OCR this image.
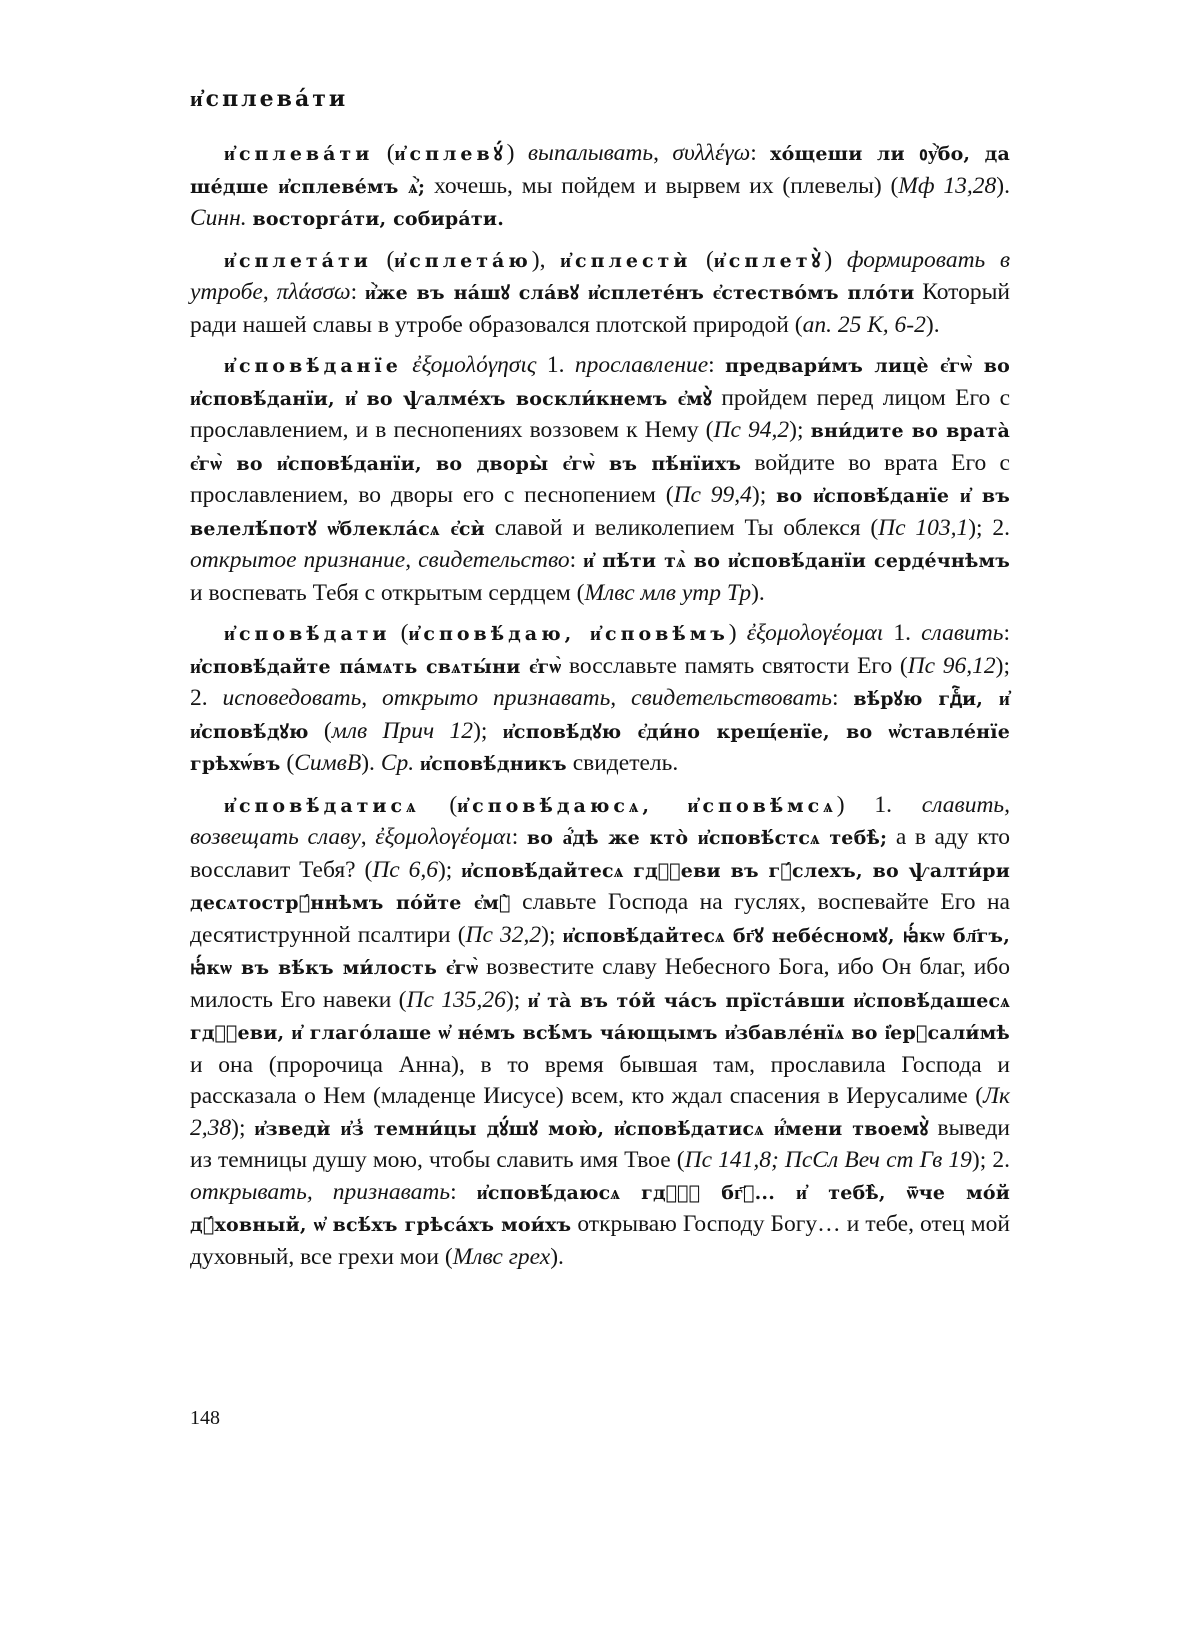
и҆сплева́ти

и҆сплева́ти (и҆сплевꙋ́) выпалывать, συλλέγω: хо́щеши ли ᲂу҆̀бо, да ше́дше и҆сплеве́мъ ѧ҆̀; хочешь, мы пойдем и вырвем их (плевелы) (Мф 13,28). Синн. восторга́ти, собира́ти.

и҆сплета́ти (и҆сплета́ю), и҆сплестѝ (и҆сплетꙋ̀) формировать в утробе, πλάσσω: и҆̀же въ на́шꙋ сла́вꙋ и҆сплете́нъ є҆стество́мъ пло́ти Который ради нашей славы в утробе образовался плотской природой (ап. 25 К, 6-2).

и҆сповѣ́данїе ἐξομολόγησις 1. прославление: предвари́мъ лицѐ є҆гѡ̀ во и҆сповѣ́данїи, и҆ во ѱалме́хъ воскли́кнемъ є҆мꙋ̀ пройдем перед лицом Его с прославлением, и в песнопениях воззовем к Нему (Пс 94,2); вни́дите во врата̀ є҆гѡ̀ во и҆сповѣ́данїи, во дворы̀ є҆гѡ̀ въ пѣ́нїихъ войдите во врата Его с прославлением, во дворы его с песнопением (Пс 99,4); во и҆сповѣ́данїе и҆ въ велелѣ́потꙋ ѡ҆блекла́сѧ є҆сѝ славой и великолепием Ты облекся (Пс 103,1); 2. открытое признание, свидетельство: и҆ пѣ́ти тѧ̀ во и҆сповѣ́данїи серде́чнѣмъ и воспевать Тебя с открытым сердцем (Млвс млв утр Тр).

и҆сповѣ́дати (и҆сповѣ́даю, и҆сповѣ́мъ) ἐξομολογέομαι 1. славить: и҆сповѣ́дайте па́мѧть свѧты́ни є҆гѡ̀ восславьте память святости Его (Пс 96,12); 2. исповедовать, открыто признавать, свидетельствовать: вѣ́рꙋю гдⷭ҇и, и҆ и҆сповѣ́дꙋю (млв Прич 12); и҆сповѣ́дꙋю є҆ди́но крещ́енїе, во ѡ҆ставле́нїе грѣхѡ́въ (СимвВ). Ср. и҆сповѣ́дникъ свидетель.

и҆сповѣ́датисѧ (и҆сповѣ́даюсѧ, и҆сповѣ́мсѧ) 1. славить, возвещать славу, ἐξομολογέομαι: во а҆́дѣ же кто̀ и҆сповѣ́стсѧ тебѣ̀; а в аду кто восславит Тебя? (Пс 6,6); и҆сповѣ́дайтесѧ гдⷭ҇еви въ гꙋ́слехъ, во ѱалти́ри десѧтострꙋ́ннѣмъ по́йте є҆мꙋ̀ славьте Господа на гуслях, воспевайте Его на десятиструнной псалтири (Пс 32,2); и҆сповѣ́дайтесѧ бг҃ꙋ небе́сномꙋ, ꙗ҆́кѡ бл҃гъ, ꙗ҆́кѡ въ вѣ́къ ми́лость є҆гѡ̀ возвестите славу Небесного Бога, ибо Он благ, ибо милость Его навеки (Пс 135,26); и҆ та̀ въ то́й ча́съ прїста́вши и҆сповѣ́дашесѧ гдⷭ҇еви, и҆ глаго́лаше ѡ҆ не́мъ всѣ́мъ ча́ющымъ и҆збавле́нїѧ во і҆ерꙋсали́мѣ и она (пророчица Анна), в то время бывшая там, прославила Господа и рассказала о Нем (младенце Иисусе) всем, кто ждал спасения в Иерусалиме (Лк 2,38); и҆зведѝ и҆з̾ темни́цы дꙋ́шꙋ мою̀, и҆сповѣ́датисѧ и҆́мени твоемꙋ̀ выведи из темницы душу мою, чтобы славить имя Твое (Пс 141,8; ПсСл Веч ст Гв 19); 2. открывать, признавать: и҆сповѣ́даюсѧ гдⷭ҇ꙋ бг҃ꙋ... и҆ тебѣ̀, ѿче мо́й дꙋ́ховный, ѡ҆ всѣ́хъ грѣса́хъ мои́хъ открываю Господу Богу… и тебе, отец мой духовный, все грехи мои (Млвс грех).

148
